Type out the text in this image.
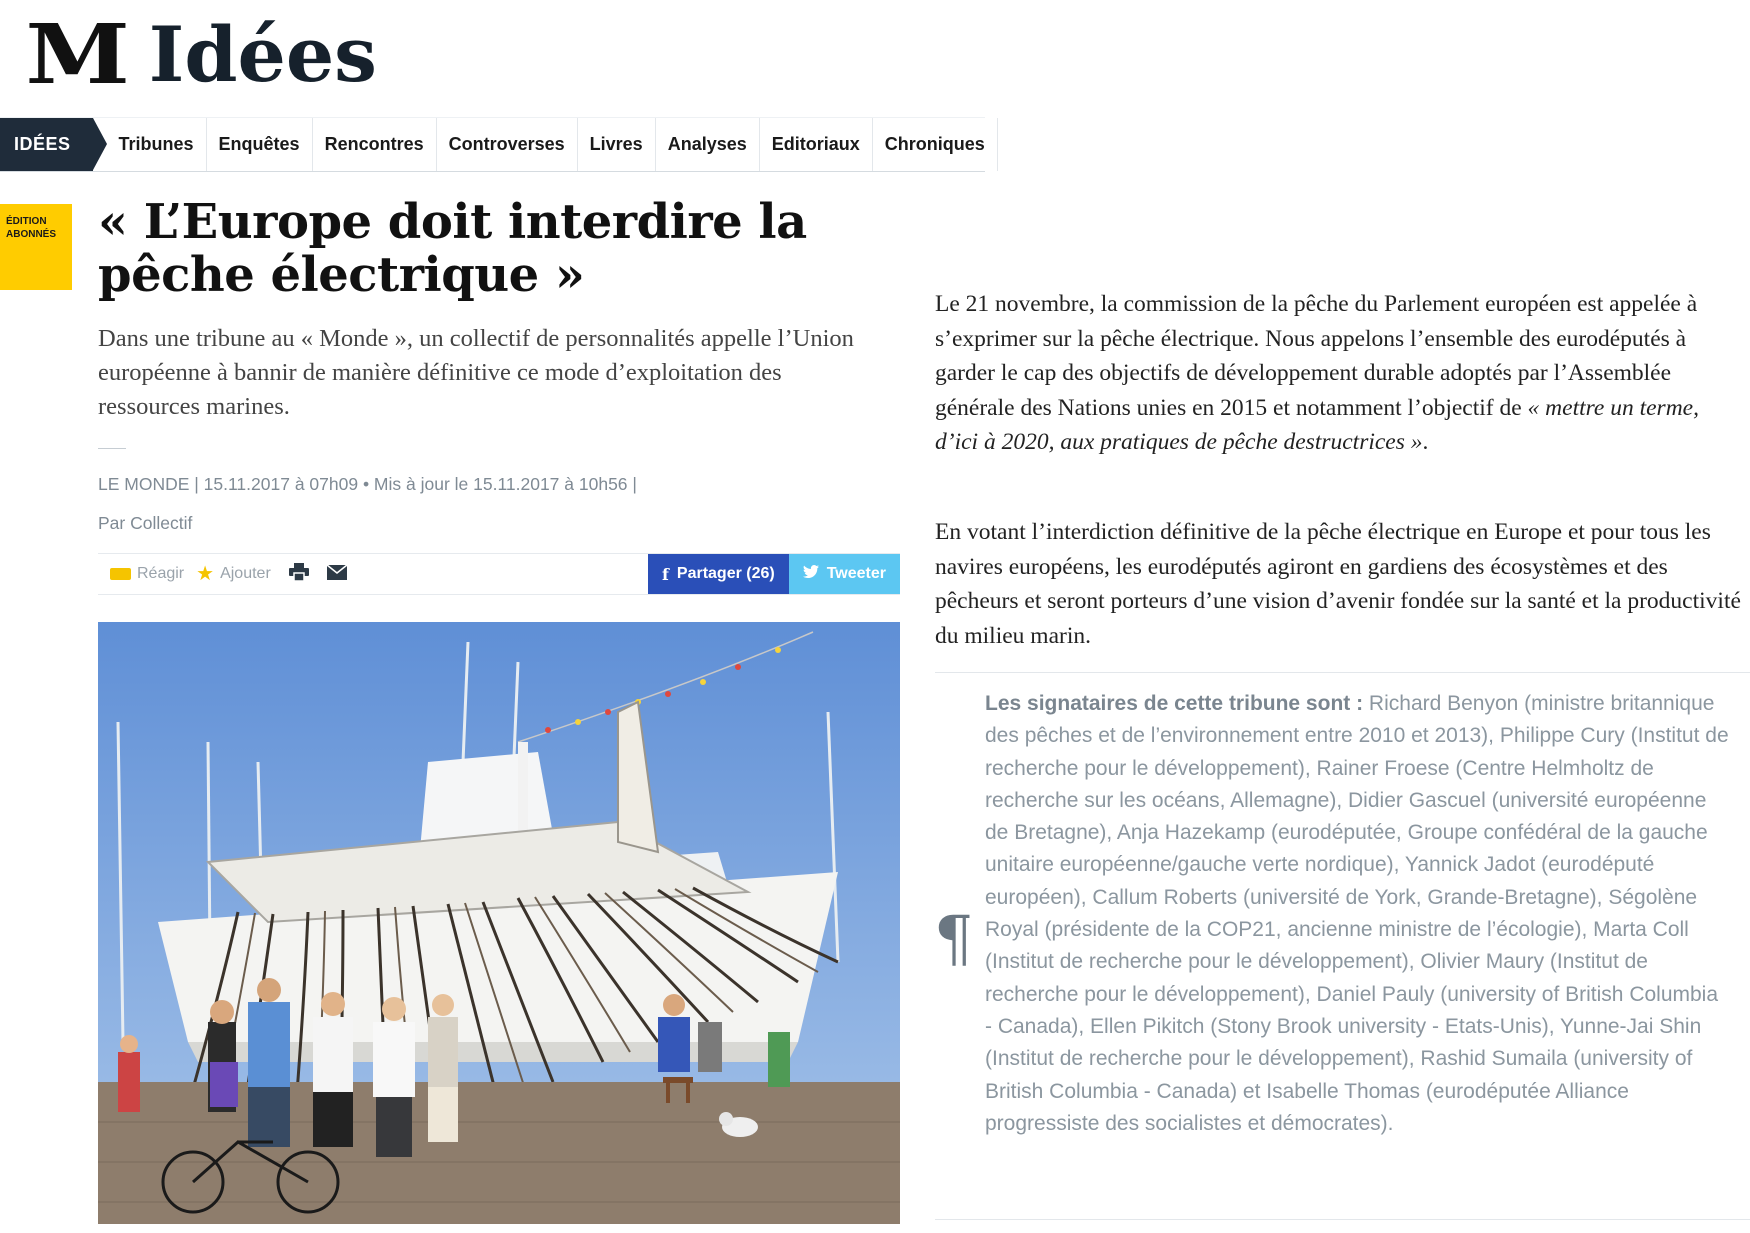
M Idées
IDÉES	Tribunes	Enquêtes	Rencontres	Controverses	Livres	Analyses	Editoriaux	Chroniques
ÉDITION
ABONNÉS « L’Europe doit interdire la pêche électrique »
Dans une tribune au « Monde », un collectif de personnalités appelle l’Union européenne à bannir de manière définitive ce mode d’exploitation des ressources marines.
LE MONDE | 15.11.2017 à 07h09 • Mis à jour le 15.11.2017 à 10h56 |
Par Collectif
Réagir ★ Ajouter	f Partager (26)	Tweeter

Le 21 novembre, la commission de la pêche du Parlement européen est appelée à s’exprimer sur la pêche électrique. Nous appelons l’ensemble des eurodéputés à garder le cap des objectifs de développement durable adoptés par l’Assemblée générale des Nations unies en 2015 et notamment l’objectif de « mettre un terme, d’ici à 2020, aux pratiques de pêche destructrices ».

En votant l’interdiction définitive de la pêche électrique en Europe et pour tous les navires européens, les eurodéputés agiront en gardiens des écosystèmes et des pêcheurs et seront porteurs d’une vision d’avenir fondée sur la santé et la productivité du milieu marin.

¶
Les signataires de cette tribune sont : Richard Benyon (ministre britannique des pêches et de l’environnement entre 2010 et 2013), Philippe Cury (Institut de recherche pour le développement), Rainer Froese (Centre Helmholtz de recherche sur les océans, Allemagne), Didier Gascuel (université européenne de Bretagne), Anja Hazekamp (eurodéputée, Groupe confédéral de la gauche unitaire européenne/gauche verte nordique), Yannick Jadot (eurodéputé européen), Callum Roberts (université de York, Grande-Bretagne), Ségolène Royal (présidente de la COP21, ancienne ministre de l’écologie), Marta Coll (Institut de recherche pour le développement), Olivier Maury (Institut de recherche pour le développement), Daniel Pauly (university of British Columbia - Canada), Ellen Pikitch (Stony Brook university - Etats-Unis), Yunne-Jai Shin (Institut de recherche pour le développement), Rashid Sumaila (university of British Columbia - Canada) et Isabelle Thomas (eurodéputée Alliance progressiste des socialistes et démocrates).
